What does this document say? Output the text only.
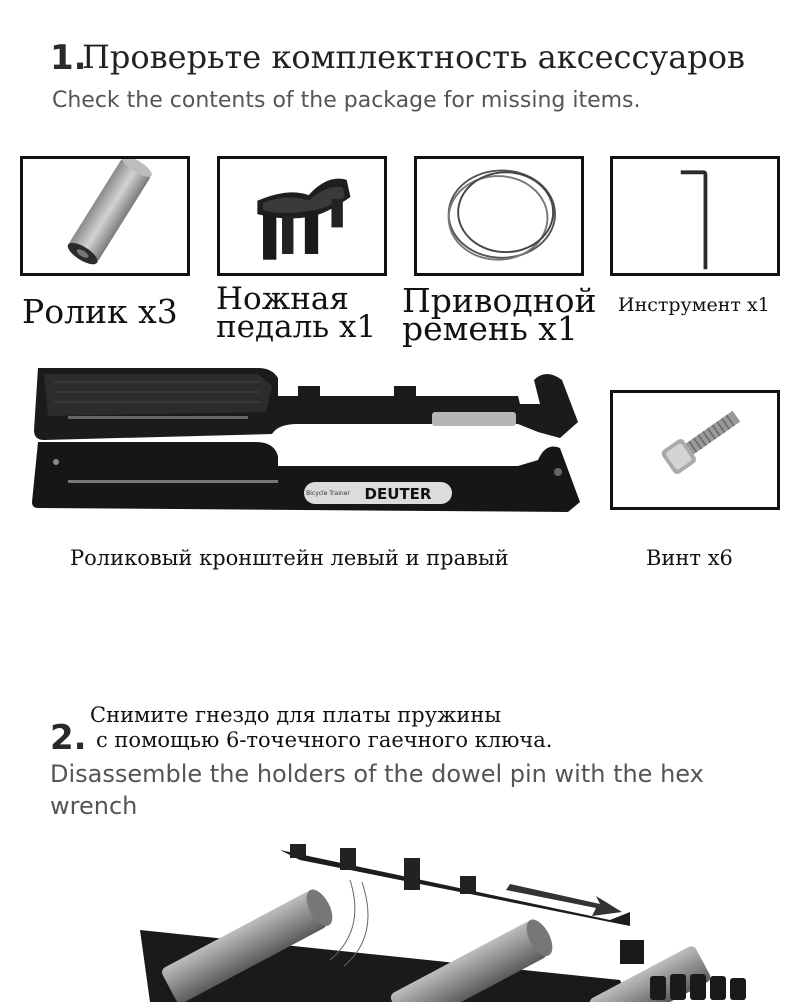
1.
Проверьте комплектность аксессуаров
Check the contents of the package for missing items.
Ролик x3 Ножная
педаль x1
Приводной
ремень x1
Инструмент x1
Bicycle Trainer DEUTER
Роликовый кронштейн левый и правый	Винт x6
2.
Снимите гнездо для платы пружины
с помощью 6-точечного гаечного ключа.
Disassemble the holders of the dowel pin with the hex
wrench
